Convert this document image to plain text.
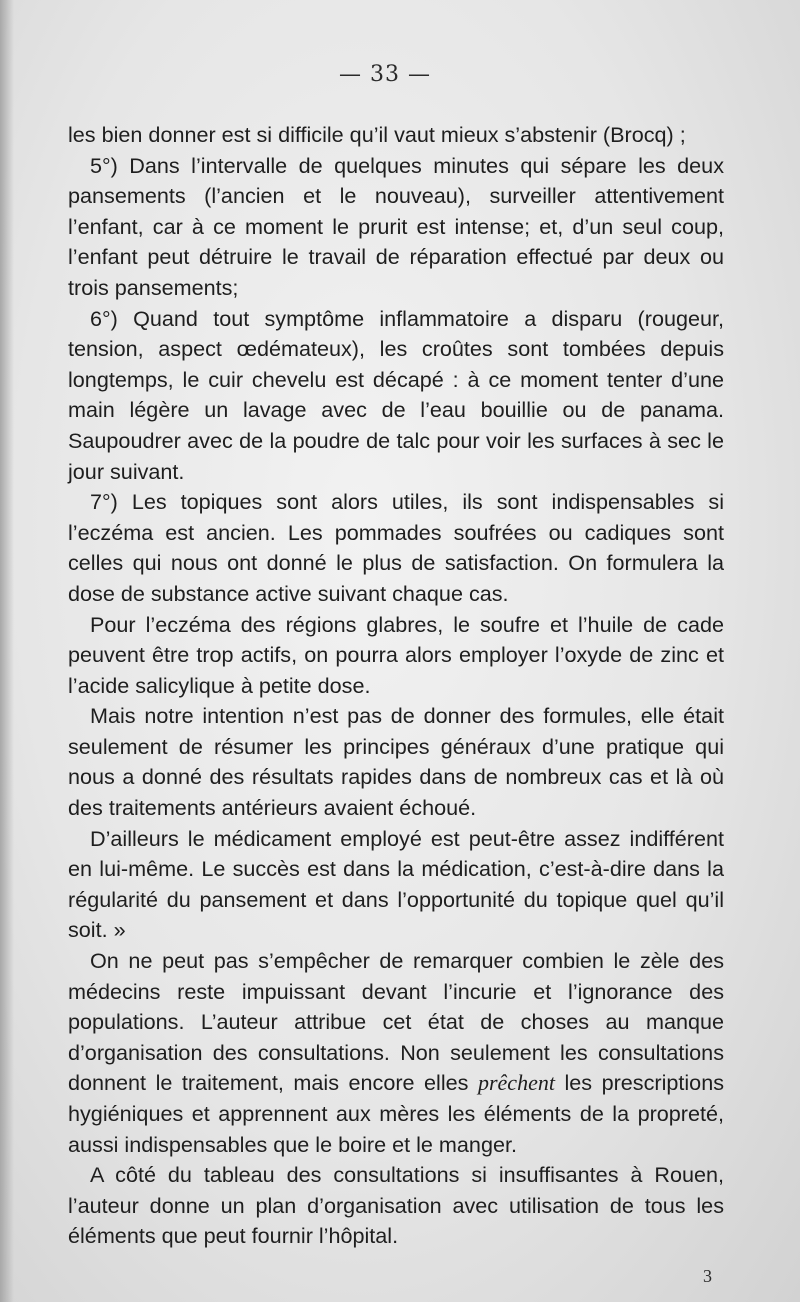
— 33 —

les bien donner est si difficile qu’il vaut mieux s’abstenir (Brocq) ;

5°) Dans l’intervalle de quelques minutes qui sépare les deux pansements (l’ancien et le nouveau), surveiller attentivement l’enfant, car à ce moment le prurit est intense; et, d’un seul coup, l’enfant peut détruire le travail de réparation effectué par deux ou trois pansements;

6°) Quand tout symptôme inflammatoire a disparu (rougeur, tension, aspect œdémateux), les croûtes sont tombées depuis longtemps, le cuir chevelu est décapé : à ce moment tenter d’une main légère un lavage avec de l’eau bouillie ou de panama. Saupoudrer avec de la poudre de talc pour voir les surfaces à sec le jour suivant.

7°) Les topiques sont alors utiles, ils sont indispensables si l’eczéma est ancien. Les pommades soufrées ou cadiques sont celles qui nous ont donné le plus de satisfaction. On formulera la dose de substance active suivant chaque cas.

Pour l’eczéma des régions glabres, le soufre et l’huile de cade peuvent être trop actifs, on pourra alors employer l’oxyde de zinc et l’acide salicylique à petite dose.

Mais notre intention n’est pas de donner des formules, elle était seulement de résumer les principes généraux d’une pratique qui nous a donné des résultats rapides dans de nombreux cas et là où des traitements antérieurs avaient échoué.

D’ailleurs le médicament employé est peut-être assez indifférent en lui-même. Le succès est dans la médication, c’est-à-dire dans la régularité du pansement et dans l’opportunité du topique quel qu’il soit. »

On ne peut pas s’empêcher de remarquer combien le zèle des médecins reste impuissant devant l’incurie et l’ignorance des populations. L’auteur attribue cet état de choses au manque d’organisation des consultations. Non seulement les consultations donnent le traitement, mais encore elles prêchent les prescriptions hygiéniques et apprennent aux mères les éléments de la propreté, aussi indispensables que le boire et le manger.

A côté du tableau des consultations si insuffisantes à Rouen, l’auteur donne un plan d’organisation avec utilisation de tous les éléments que peut fournir l’hôpital.

3
